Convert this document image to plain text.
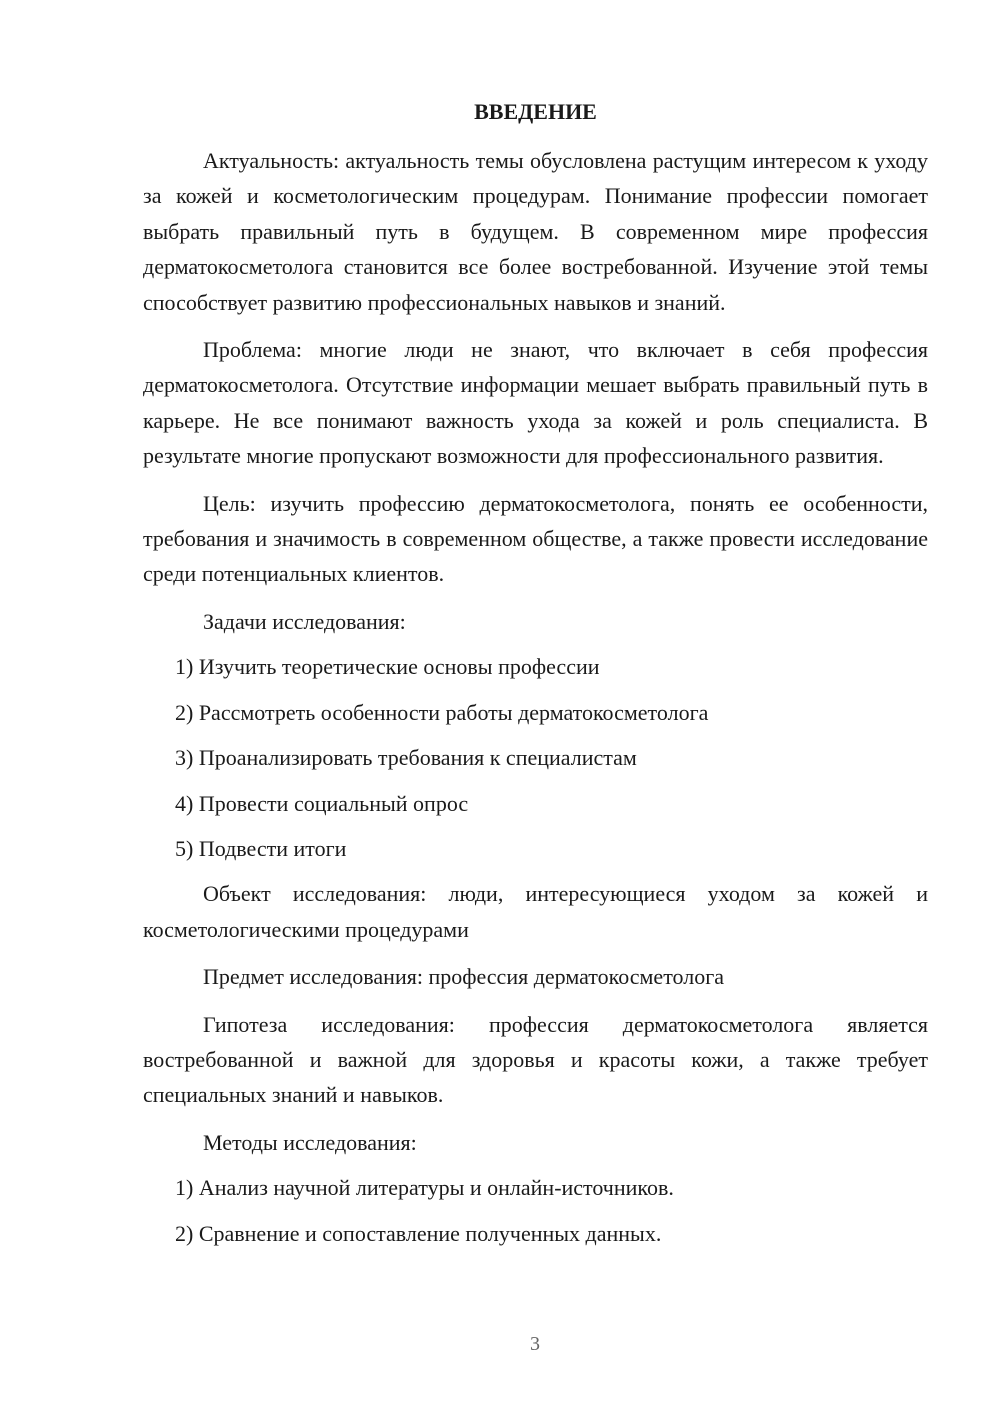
ВВЕДЕНИЕ

Актуальность: актуальность темы обусловлена растущим интересом к уходу за кожей и косметологическим процедурам. Понимание профессии помогает выбрать правильный путь в будущем. В современном мире профессия дерматокосметолога становится все более востребованной. Изучение этой темы способствует развитию профессиональных навыков и знаний.

Проблема: многие люди не знают, что включает в себя профессия дерматокосметолога. Отсутствие информации мешает выбрать правильный путь в карьере. Не все понимают важность ухода за кожей и роль специалиста. В результате многие пропускают возможности для профессионального развития.

Цель: изучить профессию дерматокосметолога, понять ее особенности, требования и значимость в современном обществе, а также провести исследование среди потенциальных клиентов.

Задачи исследования:

1) Изучить теоретические основы профессии
2) Рассмотреть особенности работы дерматокосметолога
3) Проанализировать требования к специалистам
4) Провести социальный опрос
5) Подвести итоги

Объект исследования: люди, интересующиеся уходом за кожей и косметологическими процедурами

Предмет исследования: профессия дерматокосметолога

Гипотеза исследования: профессия дерматокосметолога является востребованной и важной для здоровья и красоты кожи, а также требует специальных знаний и навыков.

Методы исследования:

1) Анализ научной литературы и онлайн-источников.
2) Сравнение и сопоставление полученных данных.
3
